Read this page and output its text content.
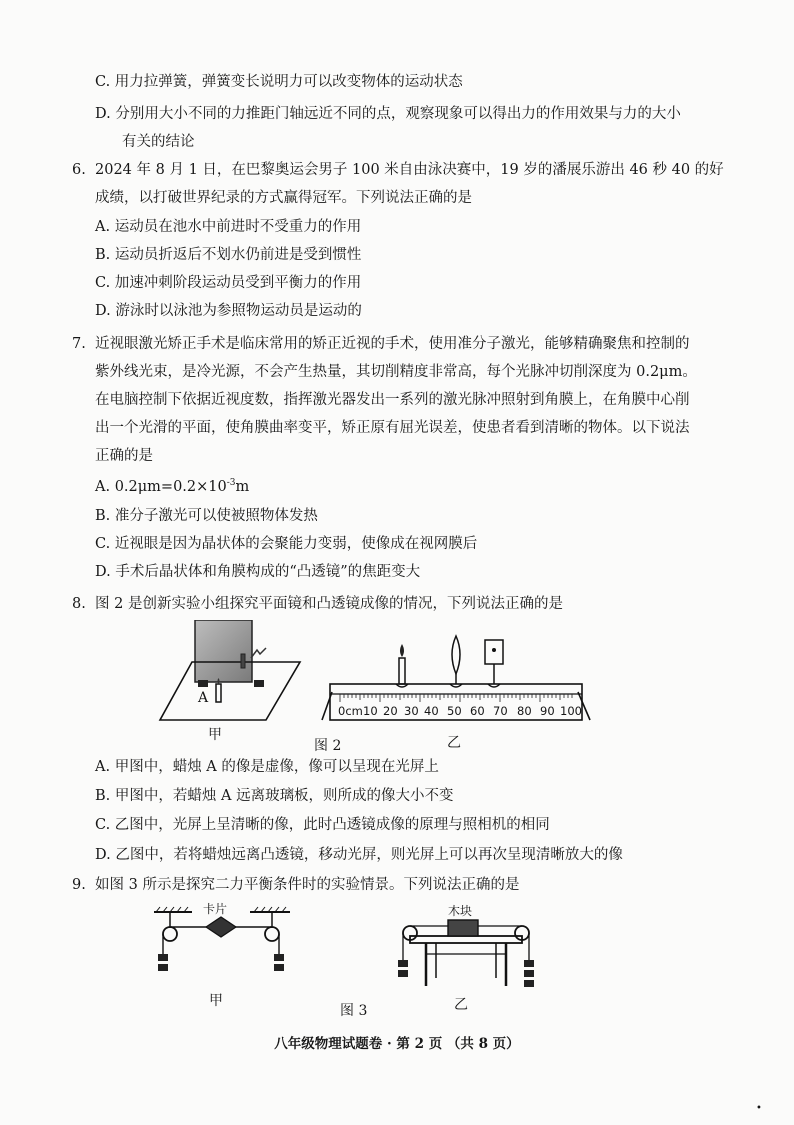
C. 用力拉弹簧，弹簧变长说明力可以改变物体的运动状态
D. 分别用大小不同的力推距门轴远近不同的点，观察现象可以得出力的作用效果与力的大小
有关的结论
6. 2024 年 8 月 1 日，在巴黎奥运会男子 100 米自由泳决赛中，19 岁的潘展乐游出 46 秒 40 的好
成绩，以打破世界纪录的方式赢得冠军。下列说法正确的是
A. 运动员在池水中前进时不受重力的作用
B. 运动员折返后不划水仍前进是受到惯性
C. 加速冲刺阶段运动员受到平衡力的作用
D. 游泳时以泳池为参照物运动员是运动的
7. 近视眼激光矫正手术是临床常用的矫正近视的手术，使用准分子激光，能够精确聚焦和控制的
紫外线光束，是冷光源，不会产生热量，其切削精度非常高，每个光脉冲切削深度为 0.2μm。
在电脑控制下依据近视度数，指挥激光器发出一系列的激光脉冲照射到角膜上，在角膜中心削
出一个光滑的平面，使角膜曲率变平，矫正原有屈光误差，使患者看到清晰的物体。以下说法
正确的是
A. $0.2\mu m=0.2\times 10^{-3}m$
B. 准分子激光可以使被照物体发热
C. 近视眼是因为晶状体的会聚能力变弱，使像成在视网膜后
D. 手术后晶状体和角膜构成的“凸透镜”的焦距变大
8. 图 2 是创新实验小组探究平面镜和凸透镜成像的情况，下列说法正确的是
A
甲
0cm 10 20 30 40 50 60 70 80 90 100
图 2	乙
A. 甲图中，蜡烛 A 的像是虚像，像可以呈现在光屏上
B. 甲图中，若蜡烛 A 远离玻璃板，则所成的像大小不变
C. 乙图中，光屏上呈清晰的像，此时凸透镜成像的原理与照相机的相同
D. 乙图中，若将蜡烛远离凸透镜，移动光屏，则光屏上可以再次呈现清晰放大的像
9. 如图 3 所示是探究二力平衡条件时的实验情景。下列说法正确的是
卡片
甲
木块
图 3	乙
八年级物理试题卷 · 第 2 页 （共 8 页）
•
